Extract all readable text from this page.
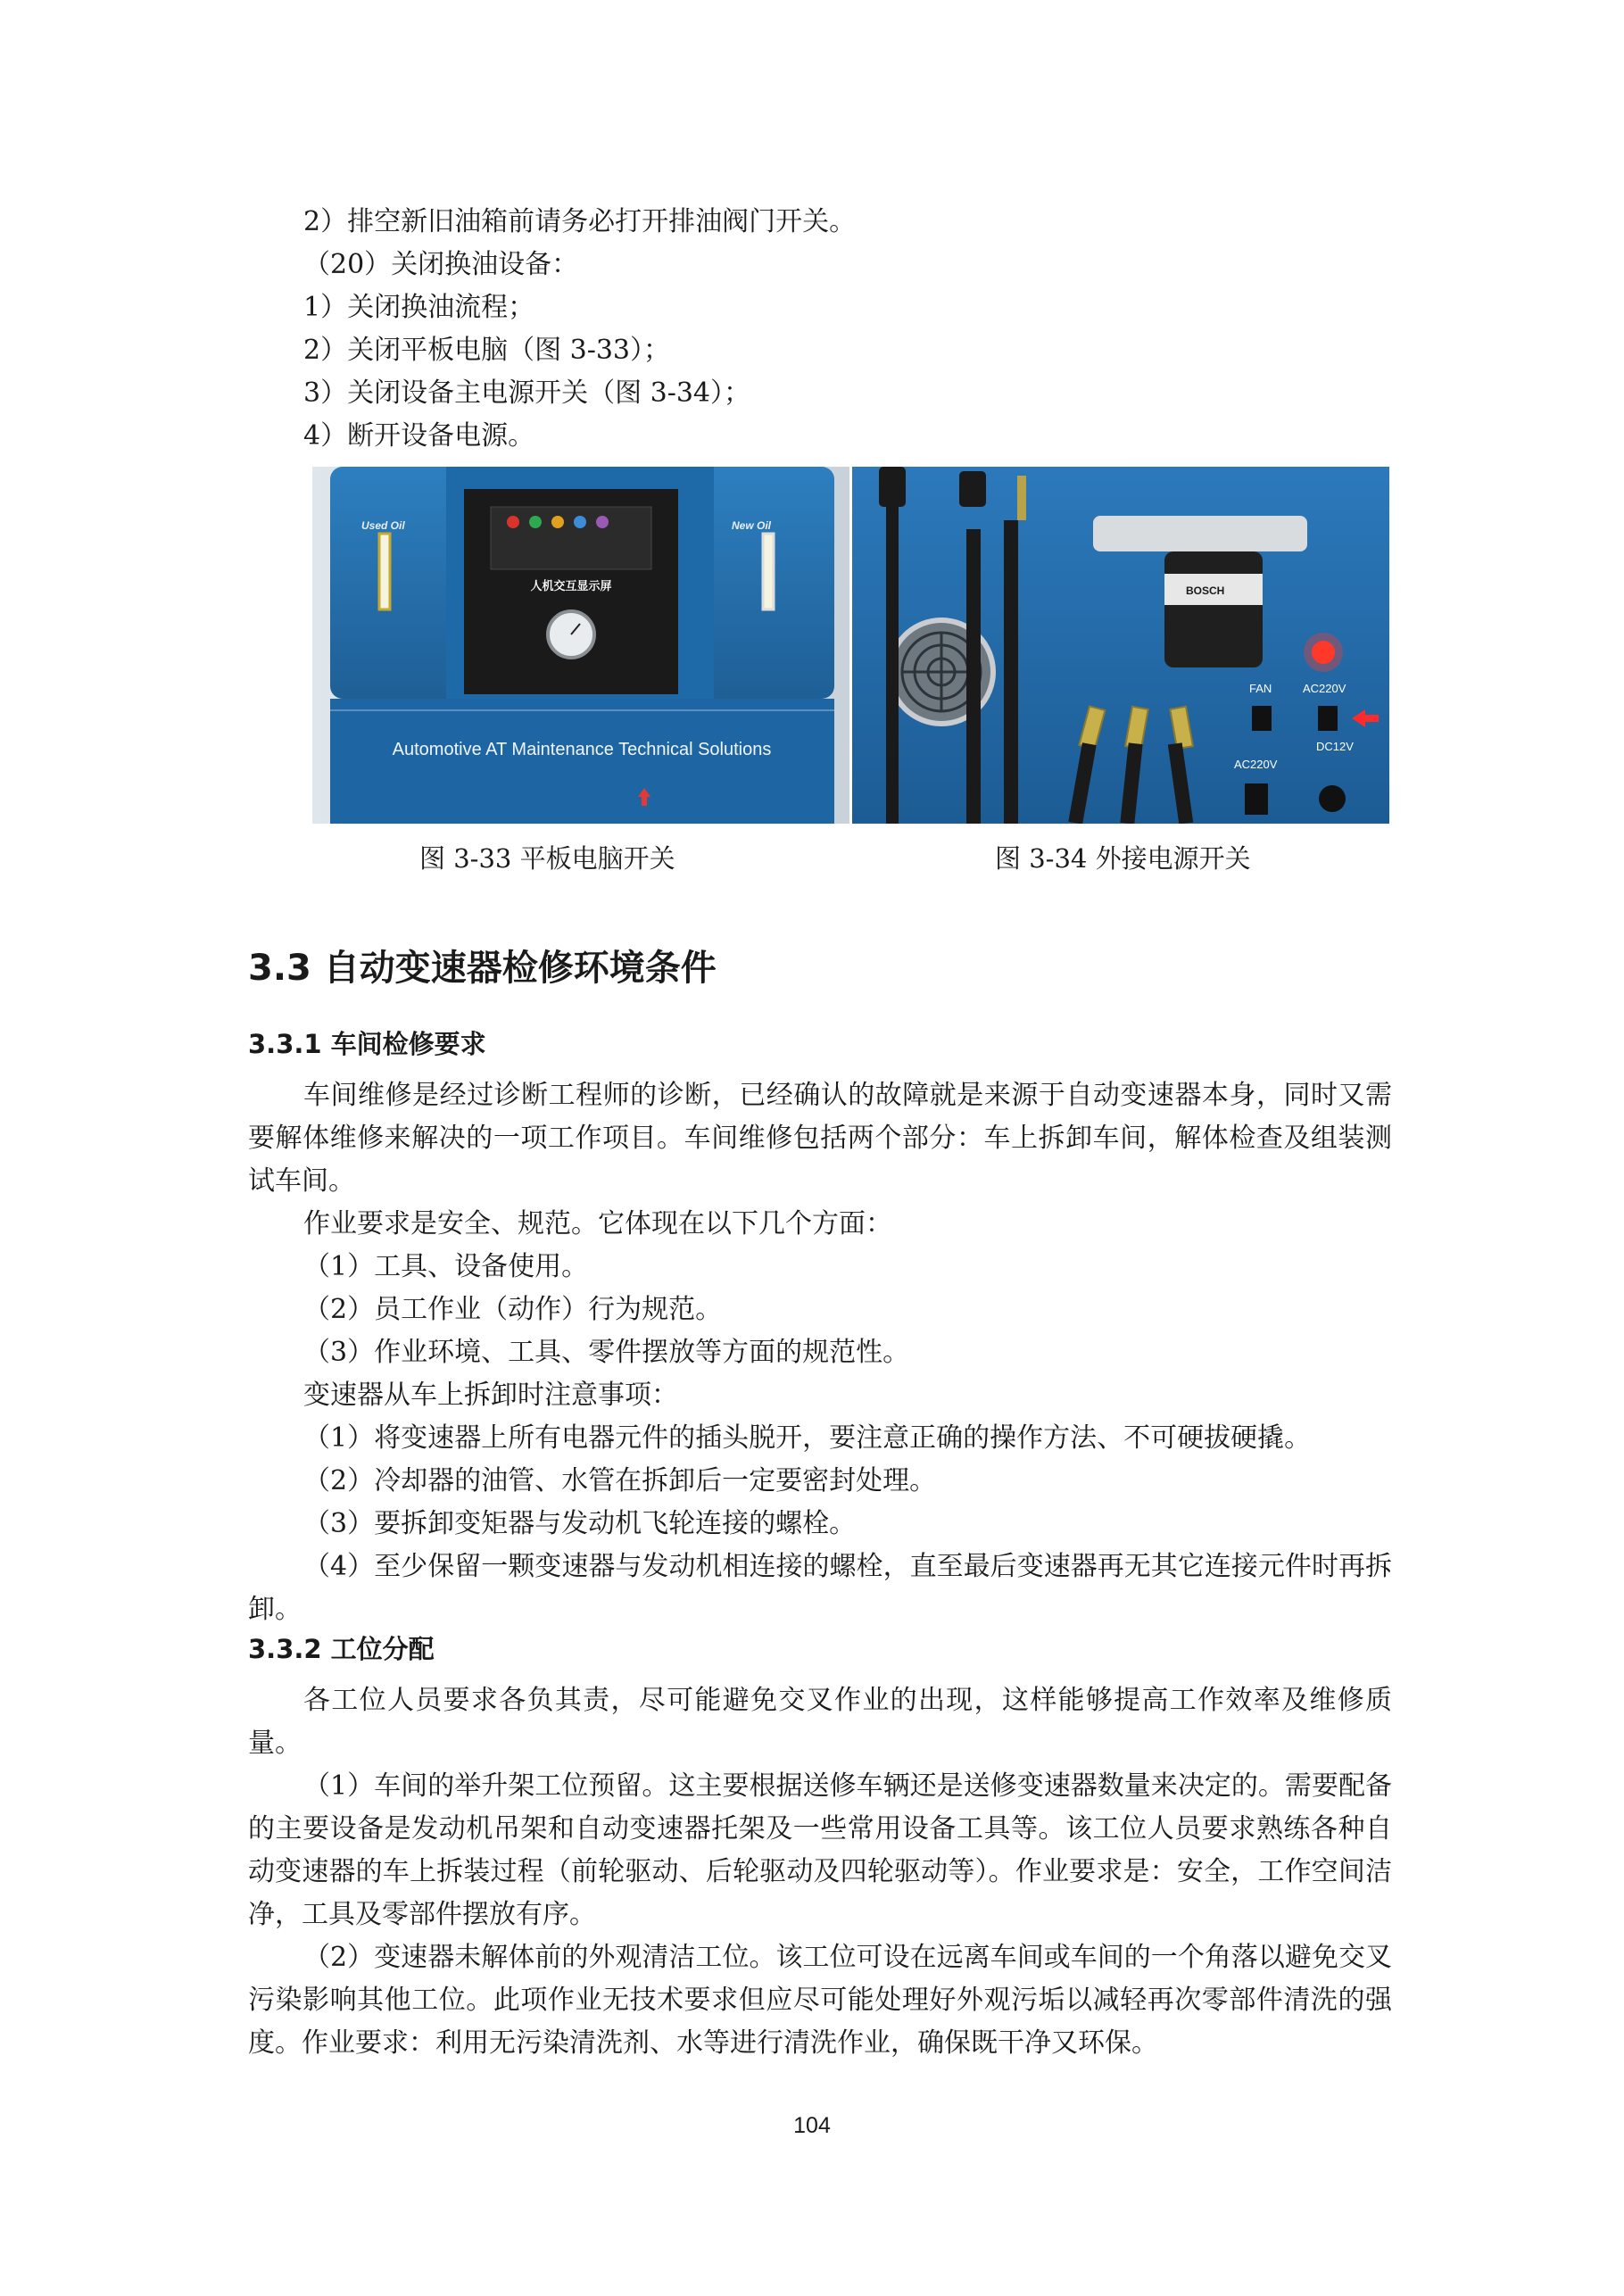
2）排空新旧油箱前请务必打开排油阀门开关。
（20）关闭换油设备：
1）关闭换油流程；
2）关闭平板电脑（图 3-33）；
3）关闭设备主电源开关（图 3-34）；
4）断开设备电源。
Used Oil	New Oil
人机交互显示屏
Automotive AT Maintenance Technical Solutions
BOSCH
FAN	AC220V
DC12V
AC220V
图 3-33 平板电脑开关	图 3-34 外接电源开关
3.3 自动变速器检修环境条件
3.3.1 车间检修要求
车间维修是经过诊断工程师的诊断，已经确认的故障就是来源于自动变速器本身，同时又需要解体维修来解决的一项工作项目。车间维修包括两个部分：车上拆卸车间，解体检查及组装测试车间。
作业要求是安全、规范。它体现在以下几个方面：
（1）工具、设备使用。
（2）员工作业（动作）行为规范。
（3）作业环境、工具、零件摆放等方面的规范性。
变速器从车上拆卸时注意事项：
（1）将变速器上所有电器元件的插头脱开，要注意正确的操作方法、不可硬拔硬撬。
（2）冷却器的油管、水管在拆卸后一定要密封处理。
（3）要拆卸变矩器与发动机飞轮连接的螺栓。
（4）至少保留一颗变速器与发动机相连接的螺栓，直至最后变速器再无其它连接元件时再拆卸。
3.3.2 工位分配
各工位人员要求各负其责，尽可能避免交叉作业的出现，这样能够提高工作效率及维修质量。
（1）车间的举升架工位预留。这主要根据送修车辆还是送修变速器数量来决定的。需要配备的主要设备是发动机吊架和自动变速器托架及一些常用设备工具等。该工位人员要求熟练各种自动变速器的车上拆装过程（前轮驱动、后轮驱动及四轮驱动等）。作业要求是：安全，工作空间洁净，工具及零部件摆放有序。
（2）变速器未解体前的外观清洁工位。该工位可设在远离车间或车间的一个角落以避免交叉污染影响其他工位。此项作业无技术要求但应尽可能处理好外观污垢以减轻再次零部件清洗的强度。作业要求：利用无污染清洗剂、水等进行清洗作业，确保既干净又环保。
104
